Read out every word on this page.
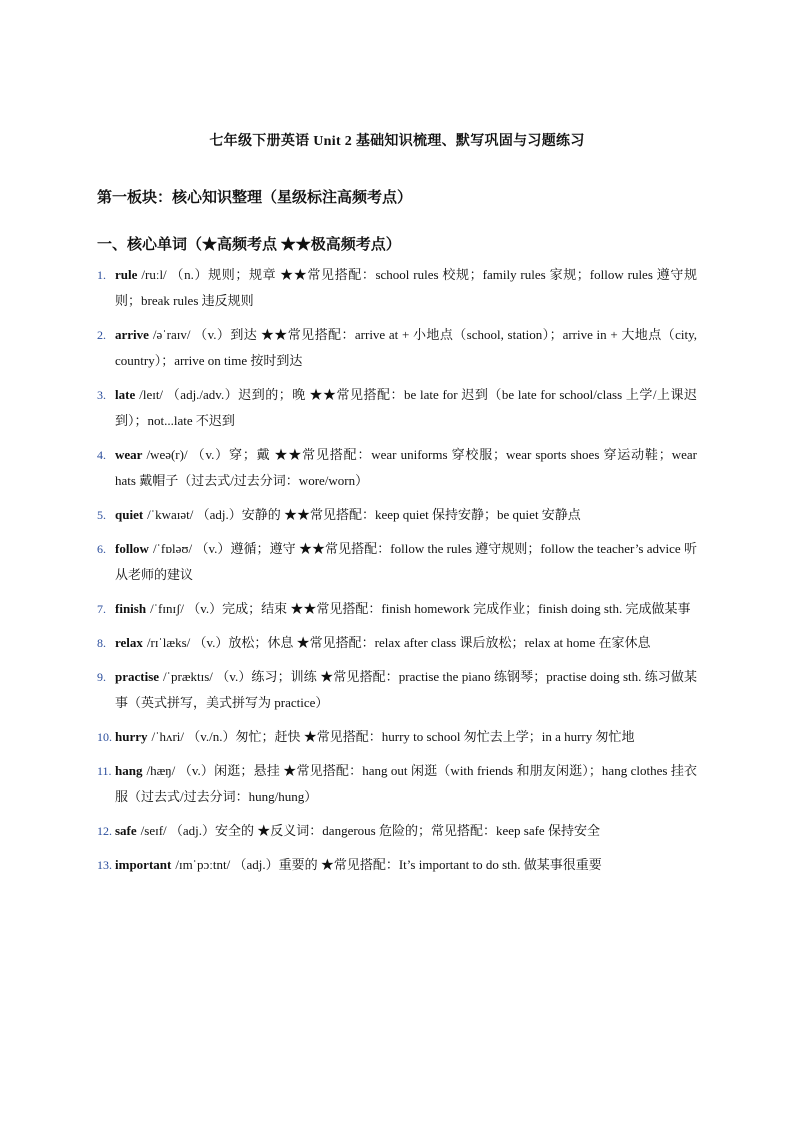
七年级下册英语 Unit 2 基础知识梳理、默写巩固与习题练习
第一板块：核心知识整理（星级标注高频考点）
一、核心单词（★高频考点 ★★极高频考点）
1. rule /ruːl/ （n.）规则；规章 ★★常见搭配：school rules 校规；family rules 家规；follow rules 遵守规则；break rules 违反规则
2. arrive /əˈraɪv/ （v.）到达 ★★常见搭配：arrive at + 小地点（school, station）；arrive in + 大地点（city, country）；arrive on time 按时到达
3. late /leɪt/ （adj./adv.）迟到的；晚 ★★常见搭配：be late for 迟到（be late for school/class 上学/上课迟到）；not...late 不迟到
4. wear /weə(r)/ （v.）穿；戴 ★★常见搭配：wear uniforms 穿校服；wear sports shoes 穿运动鞋；wear hats 戴帽子（过去式/过去分词：wore/worn）
5. quiet /ˈkwaɪət/ （adj.）安静的 ★★常见搭配：keep quiet 保持安静；be quiet 安静点
6. follow /ˈfɒləʊ/ （v.）遵循；遵守 ★★常见搭配：follow the rules 遵守规则；follow the teacher’s advice 听从老师的建议
7. finish /ˈfɪnɪʃ/ （v.）完成；结束 ★★常见搭配：finish homework 完成作业；finish doing sth. 完成做某事
8. relax /rɪˈlæks/ （v.）放松；休息 ★常见搭配：relax after class 课后放松；relax at home 在家休息
9. practise /ˈpræktɪs/ （v.）练习；训练 ★常见搭配：practise the piano 练钢琴；practise doing sth. 练习做某事（英式拼写，美式拼写为 practice）
10. hurry /ˈhʌri/ （v./n.）匆忙；赶快 ★常见搭配：hurry to school 匆忙去上学；in a hurry 匆忙地
11. hang /hæŋ/ （v.）闲逛；悬挂 ★常见搭配：hang out 闲逛（with friends 和朋友闲逛）；hang clothes 挂衣服（过去式/过去分词：hung/hung）
12. safe /seɪf/ （adj.）安全的 ★反义词：dangerous 危险的；常见搭配：keep safe 保持安全
13. important /ɪmˈpɔːtnt/ （adj.）重要的 ★常见搭配：It’s important to do sth. 做某事很重要
